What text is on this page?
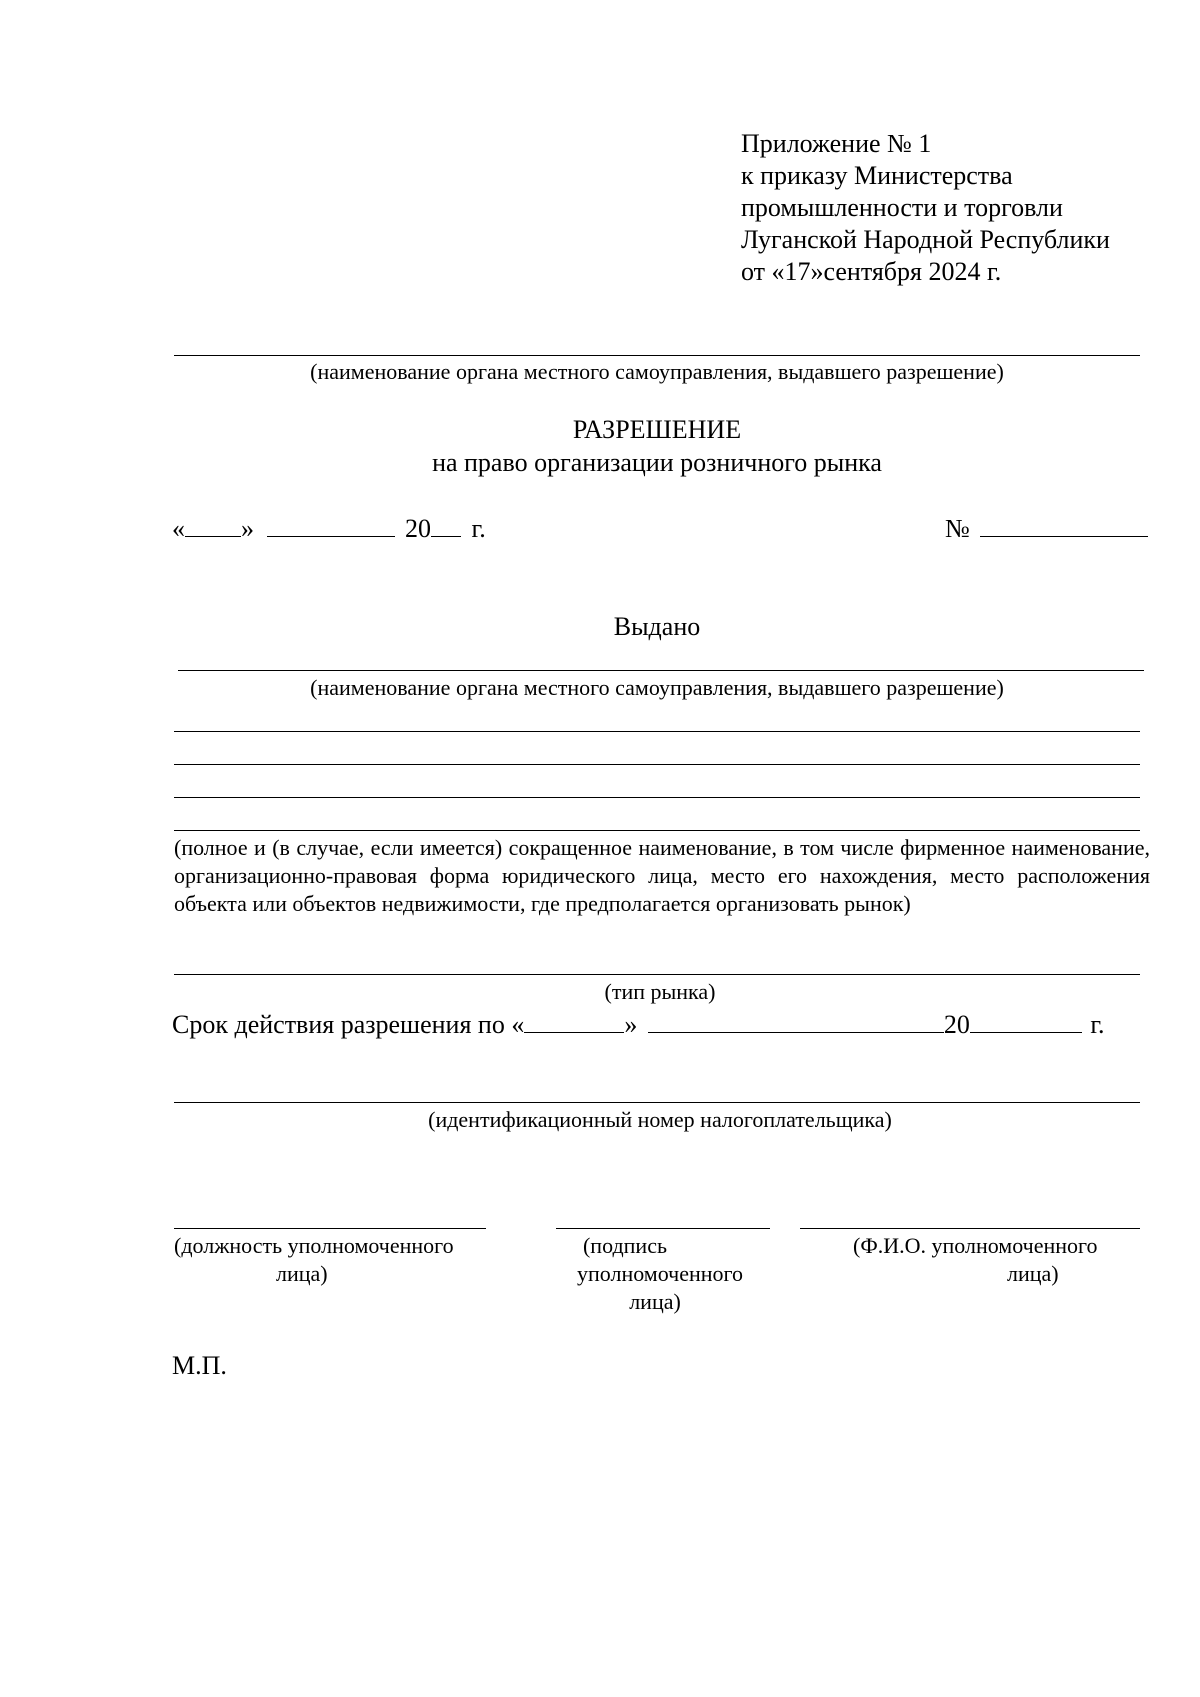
Приложение № 1
к приказу Министерства
промышленности и торговли
Луганской Народной Республики
от «17»сентября 2024 г.
(наименование органа местного самоуправления, выдавшего разрешение)
РАЗРЕШЕНИЕ
на право организации розничного рынка
« »	20 г.	№
Выдано
(наименование органа местного самоуправления, выдавшего разрешение)
(полное и (в случае, если имеется) сокращенное наименование, в том числе фирменное наименование, организационно-правовая форма юридического лица, место его нахождения, место расположения объекта или объектов недвижимости, где предполагается организовать рынок)
(тип рынка)
Срок действия разрешения по «	»	20	г.
(идентификационный номер налогоплательщика)
(должность уполномоченного
лица)
(подпись
уполномоченного
лица)
(Ф.И.О. уполномоченного
лица)
М.П.
